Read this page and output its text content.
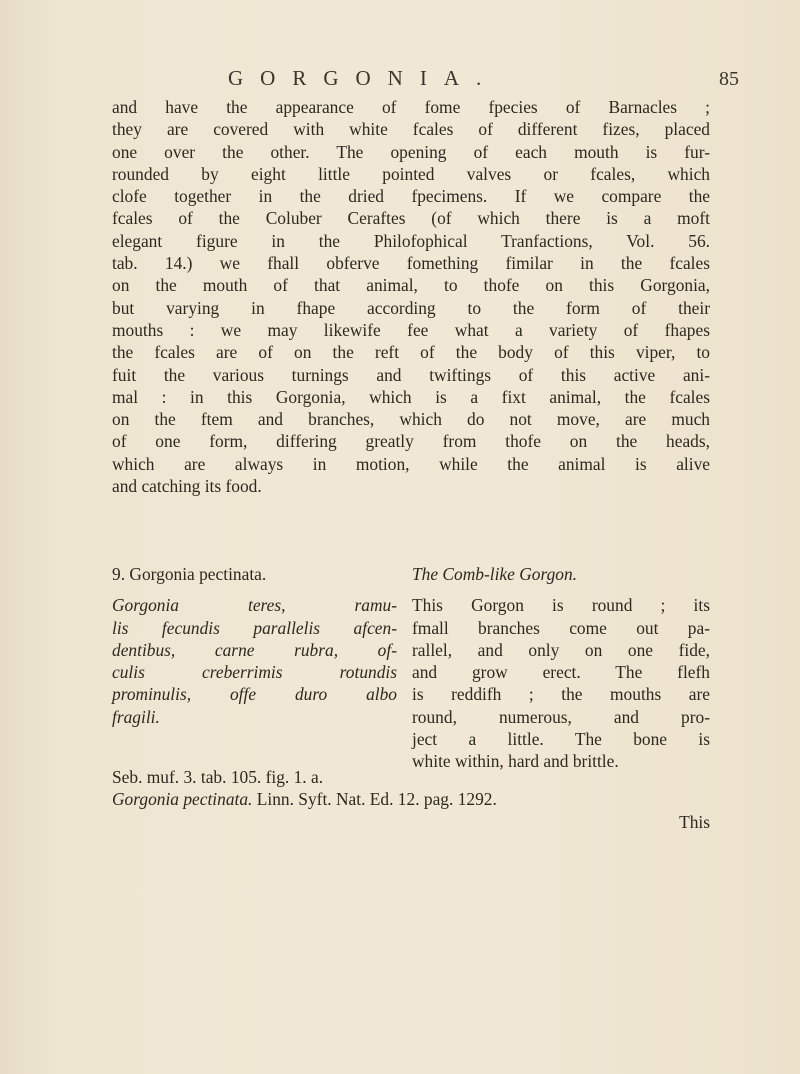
GORGONIA.	85
and have the appearance of fome fpecies of Barnacles ;
they are covered with white fcales of different fizes, placed
one over the other. The opening of each mouth is fur-
rounded by eight little pointed valves or fcales, which
clofe together in the dried fpecimens. If we compare the
fcales of the Coluber Ceraftes (of which there is a moft
elegant figure in the Philofophical Tranfactions, Vol. 56.
tab. 14.) we fhall obferve fomething fimilar in the fcales
on the mouth of that animal, to thofe on this Gorgonia,
but varying in fhape according to the form of their
mouths : we may likewife fee what a variety of fhapes
the fcales are of on the reft of the body of this viper, to
fuit the various turnings and twiftings of this active ani-
mal : in this Gorgonia, which is a fixt animal, the fcales
on the ftem and branches, which do not move, are much
of one form, differing greatly from thofe on the heads,
which are always in motion, while the animal is alive
and catching its food.
9. Gorgonia pectinata.
Gorgonia teres, ramu-
lis fecundis parallelis afcen-
dentibus, carne rubra, of-
culis creberrimis rotundis
prominulis, offe duro albo
fragili.
The Comb-like Gorgon.
This Gorgon is round ; its
fmall branches come out pa-
rallel, and only on one fide,
and grow erect. The flefh
is reddifh ; the mouths are
round, numerous, and pro-
ject a little. The bone is
white within, hard and brittle.
Seb. muf. 3. tab. 105. fig. 1. a.
Gorgonia pectinata. Linn. Syft. Nat. Ed. 12. pag. 1292.
This
